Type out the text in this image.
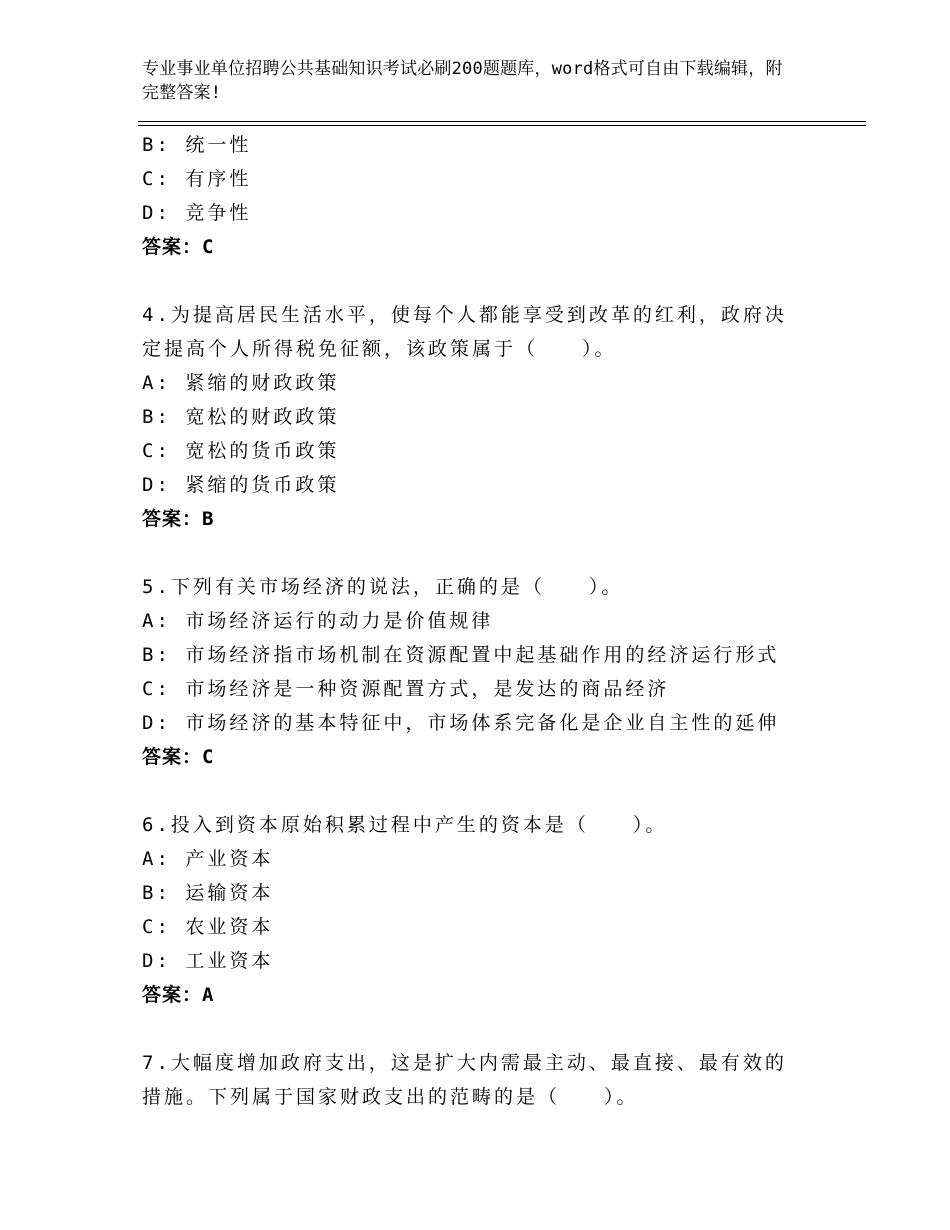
专业事业单位招聘公共基础知识考试必刷200题题库，word格式可自由下载编辑，附完整答案!
B: 统一性
C: 有序性
D: 竞争性
答案：C
4.为提高居民生活水平，使每个人都能享受到改革的红利，政府决定提高个人所得税免征额，该政策属于（　　）。
A: 紧缩的财政政策
B: 宽松的财政政策
C: 宽松的货币政策
D: 紧缩的货币政策
答案：B
5.下列有关市场经济的说法，正确的是（　　）。
A: 市场经济运行的动力是价值规律
B: 市场经济指市场机制在资源配置中起基础作用的经济运行形式
C: 市场经济是一种资源配置方式，是发达的商品经济
D: 市场经济的基本特征中，市场体系完备化是企业自主性的延伸
答案：C
6.投入到资本原始积累过程中产生的资本是（　　）。
A: 产业资本
B: 运输资本
C: 农业资本
D: 工业资本
答案：A
7.大幅度增加政府支出，这是扩大内需最主动、最直接、最有效的措施。下列属于国家财政支出的范畴的是（　　）。
